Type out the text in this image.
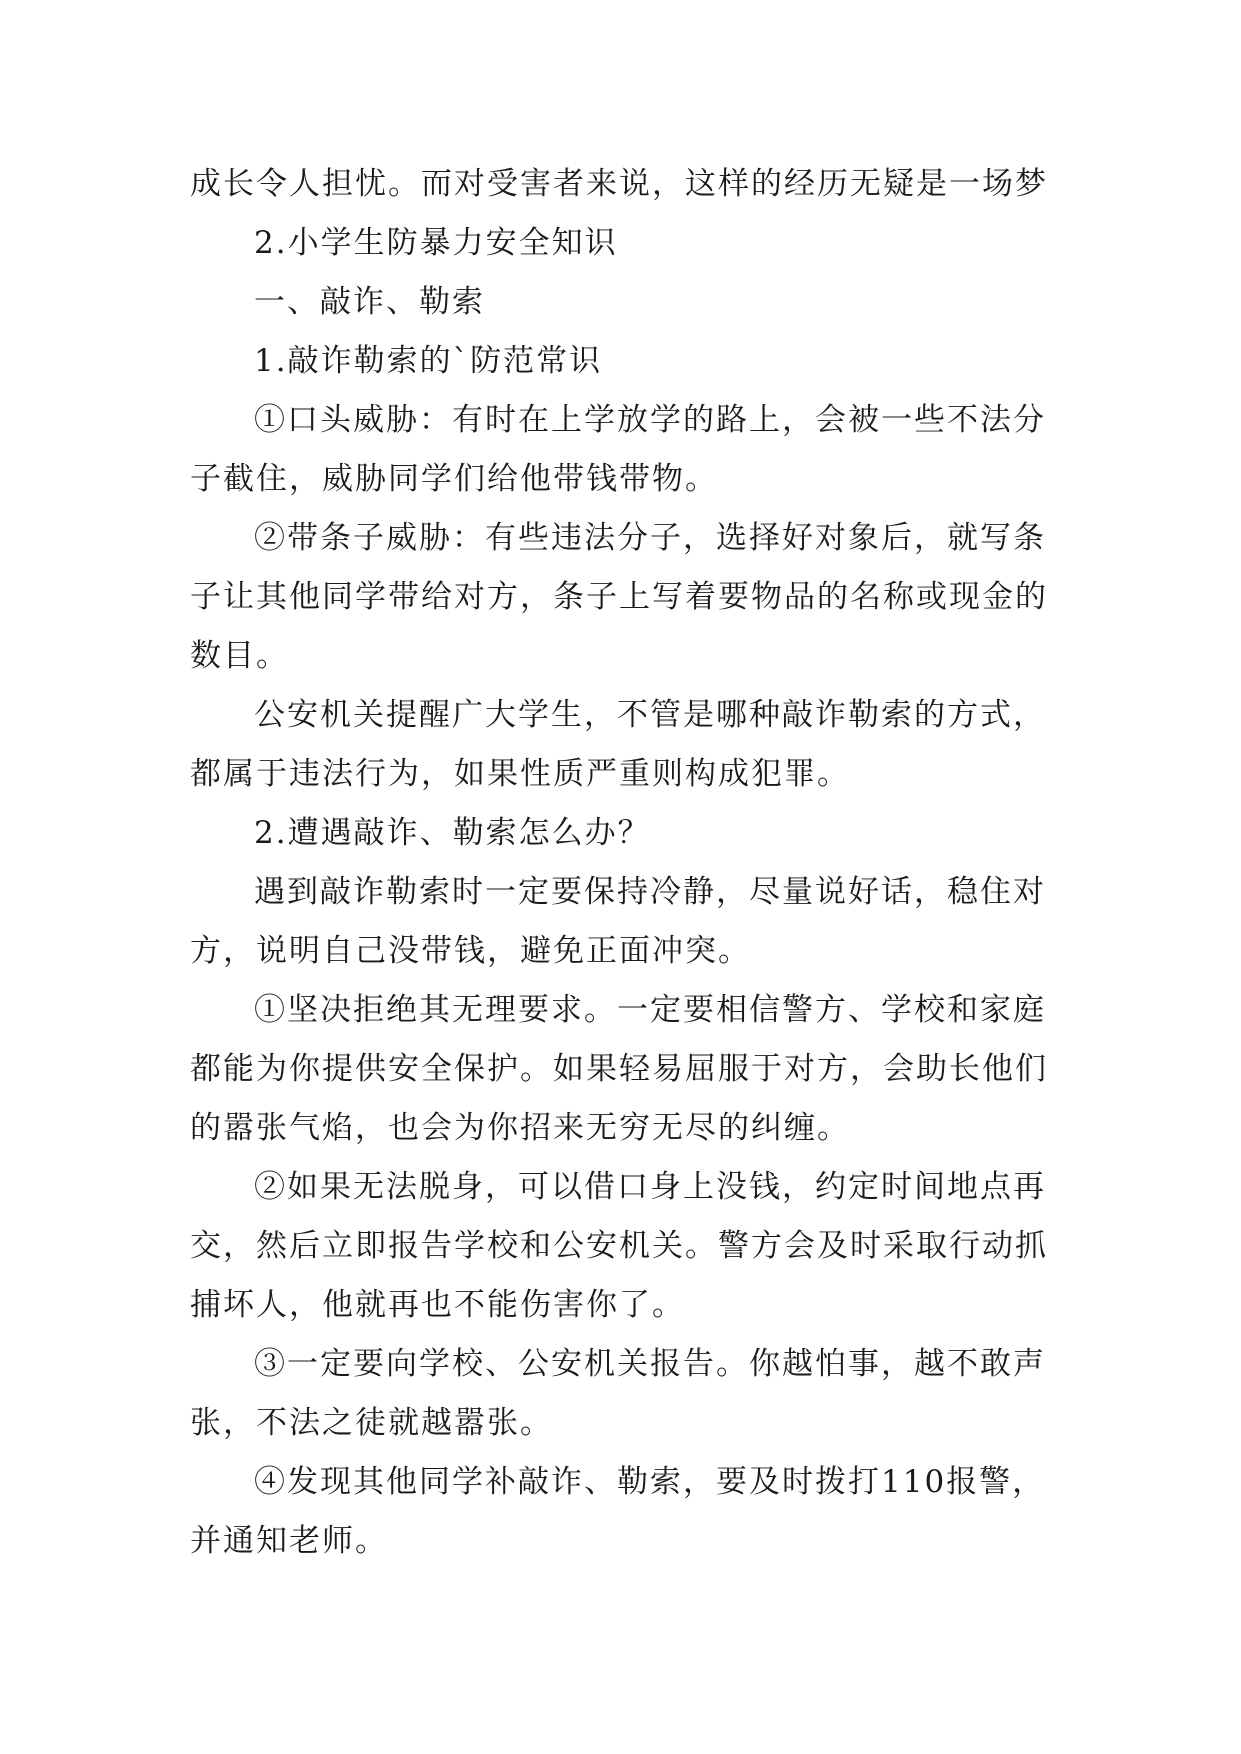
成长令人担忧。而对受害者来说，这样的经历无疑是一场梦

2.小学生防暴力安全知识

一、敲诈、勒索

1.敲诈勒索的`防范常识

①口头威胁：有时在上学放学的路上，会被一些不法分子截住，威胁同学们给他带钱带物。

②带条子威胁：有些违法分子，选择好对象后，就写条子让其他同学带给对方，条子上写着要物品的名称或现金的数目。

公安机关提醒广大学生，不管是哪种敲诈勒索的方式，都属于违法行为，如果性质严重则构成犯罪。

2.遭遇敲诈、勒索怎么办？

遇到敲诈勒索时一定要保持冷静，尽量说好话，稳住对方，说明自己没带钱，避免正面冲突。

①坚决拒绝其无理要求。一定要相信警方、学校和家庭都能为你提供安全保护。如果轻易屈服于对方，会助长他们的嚣张气焰，也会为你招来无穷无尽的纠缠。

②如果无法脱身，可以借口身上没钱，约定时间地点再交，然后立即报告学校和公安机关。警方会及时采取行动抓捕坏人，他就再也不能伤害你了。

③一定要向学校、公安机关报告。你越怕事，越不敢声张，不法之徒就越嚣张。

④发现其他同学补敲诈、勒索，要及时拨打110报警，并通知老师。
